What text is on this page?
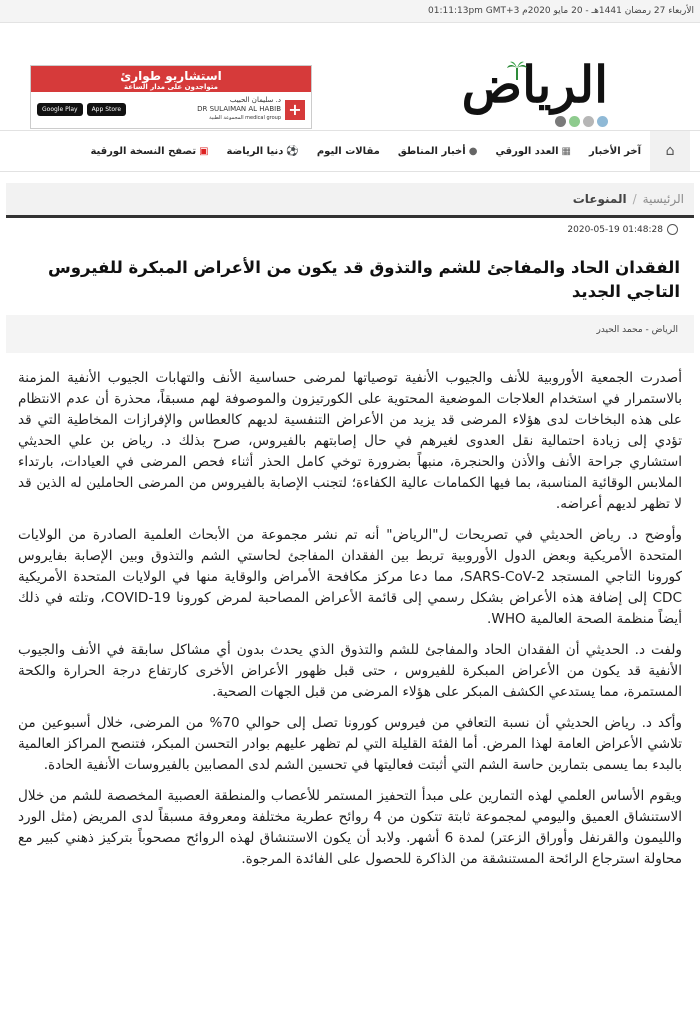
الأربعاء 27 رمضان 1441هـ - 20 مايو 2020م 01:11:13pm GMT+3
الرياض
استشاريو طوارئ
متواجدون على مدار الساعة
Google Play	App Store
د. سليمان الحبيب
DR SULAIMAN AL HABIB
medical group المجموعة الطبية +
⌂
آخر الأخبار
▦
العدد الورقي
●
أخبار المناطق
مقالات اليوم
⚽
دنيا الرياضة
▣
تصفح النسخة الورقية
الرئيسية
/
المنوعات
2020-05-19 01:48:28
الفقدان الحاد والمفاجئ للشم والتذوق قد يكون من الأعراض المبكرة للفيروس التاجي الجديد
الرياض - محمد الحيدر

أصدرت الجمعية الأوروبية للأنف والجيوب الأنفية توصياتها لمرضى حساسية الأنف والتهابات الجيوب الأنفية المزمنة بالاستمرار في استخدام العلاجات الموضعية المحتوية على الكورتيزون والموصوفة لهم مسبقاً، محذرة أن عدم الانتظام على هذه البخاخات لدى هؤلاء المرضى قد يزيد من الأعراض التنفسية لديهم كالعطاس والإفرازات المخاطية التي قد تؤدي إلى زيادة احتمالية نقل العدوى لغيرهم في حال إصابتهم بالفيروس، صرح بذلك د. رياض بن علي الحديثي استشاري جراحة الأنف والأذن والحنجرة، منبهاً بضرورة توخي كامل الحذر أثناء فحص المرضى في العيادات، بارتداء الملابس الوقائية المناسبة، بما فيها الكمامات عالية الكفاءة؛ لتجنب الإصابة بالفيروس من المرضى الحاملين له الذين قد لا تظهر لديهم أعراضه.

وأوضح د. رياض الحديثي في تصريحات ل"الرياض" أنه تم نشر مجموعة من الأبحاث العلمية الصادرة من الولايات المتحدة الأمريكية وبعض الدول الأوروبية تربط بين الفقدان المفاجئ لحاستي الشم والتذوق وبين الإصابة بفايروس كورونا التاجي المستجد SARS-CoV-2، مما دعا مركز مكافحة الأمراض والوقاية منها في الولايات المتحدة الأمريكية CDC إلى إضافة هذه الأعراض بشكل رسمي إلى قائمة الأعراض المصاحبة لمرض كورونا COVID-19، وتلته في ذلك أيضاً منظمة الصحة العالمية WHO.

ولفت د. الحديثي أن الفقدان الحاد والمفاجئ للشم والتذوق الذي يحدث بدون أي مشاكل سابقة في الأنف والجيوب الأنفية قد يكون من الأعراض المبكرة للفيروس ، حتى قبل ظهور الأعراض الأخرى كارتفاع درجة الحرارة والكحة المستمرة، مما يستدعي الكشف المبكر على هؤلاء المرضى من قبل الجهات الصحية.

وأكد د. رياض الحديثي أن نسبة التعافي من فيروس كورونا تصل إلى حوالي 70% من المرضى، خلال أسبوعين من تلاشي الأعراض العامة لهذا المرض. أما الفئة القليلة التي لم تظهر عليهم بوادر التحسن المبكر، فتنصح المراكز العالمية بالبدء بما يسمى بتمارين حاسة الشم التي أثبتت فعاليتها في تحسين الشم لدى المصابين بالفيروسات الأنفية الحادة.

ويقوم الأساس العلمي لهذه التمارين على مبدأ التحفيز المستمر للأعصاب والمنطقة العصبية المخصصة للشم من خلال الاستنشاق العميق واليومي لمجموعة ثابتة تتكون من 4 روائح عطرية مختلفة ومعروفة مسبقاً لدى المريض (مثل الورد والليمون والقرنفل وأوراق الزعتر) لمدة 6 أشهر. ولابد أن يكون الاستنشاق لهذه الروائح مصحوباً بتركيز ذهني كبير مع محاولة استرجاع الرائحة المستنشقة من الذاكرة للحصول على الفائدة المرجوة.
